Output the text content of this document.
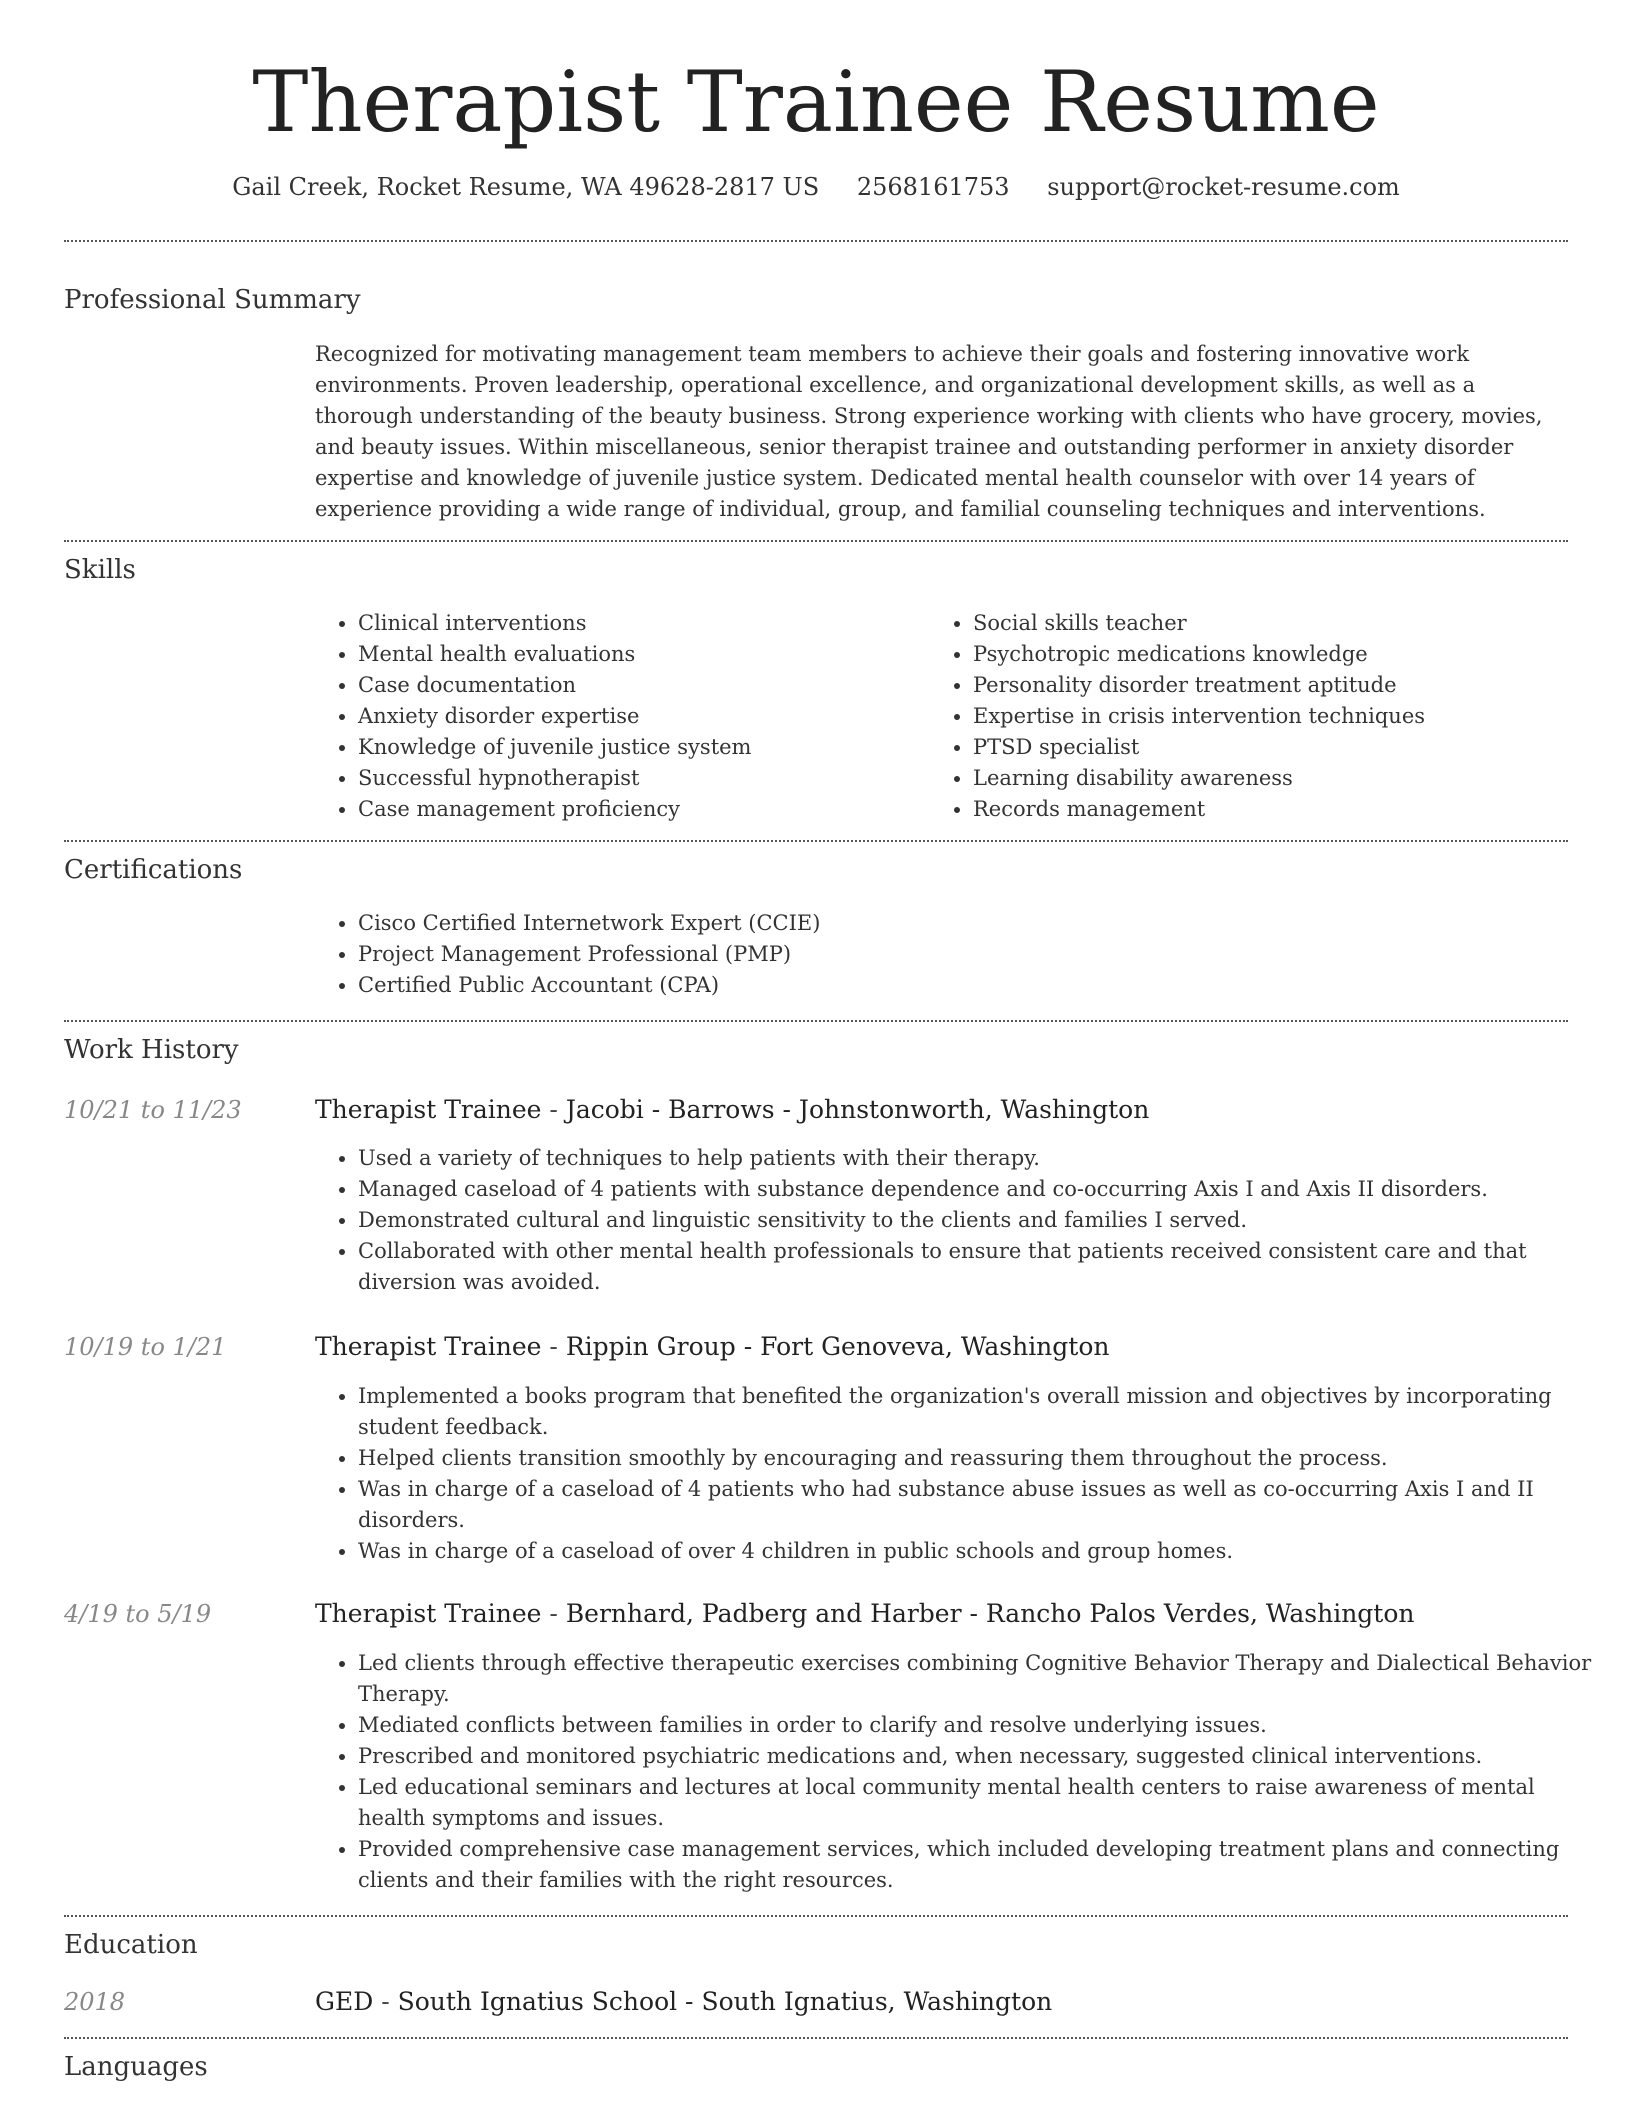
Therapist Trainee Resume
Gail Creek, Rocket Resume, WA 49628-2817 US 2568161753 support@rocket-resume.com
Professional Summary

Recognized for motivating management team members to achieve their goals and fostering innovative work environments. Proven leadership, operational excellence, and organizational development skills, as well as a thorough understanding of the beauty business. Strong experience working with clients who have grocery, movies, and beauty issues. Within miscellaneous, senior therapist trainee and outstanding performer in anxiety disorder expertise and knowledge of juvenile justice system. Dedicated mental health counselor with over 14 years of experience providing a wide range of individual, group, and familial counseling techniques and interventions.

Skills
• Clinical interventions
• Mental health evaluations
• Case documentation
• Anxiety disorder expertise
• Knowledge of juvenile justice system
• Successful hypnotherapist
• Case management proficiency
• Social skills teacher
• Psychotropic medications knowledge
• Personality disorder treatment aptitude
• Expertise in crisis intervention techniques
• PTSD specialist
• Learning disability awareness
• Records management
Certifications
• Cisco Certified Internetwork Expert (CCIE)
• Project Management Professional (PMP)
• Certified Public Accountant (CPA)
Work History
10/21 to 11/23	Therapist Trainee - Jacobi - Barrows - Johnstonworth, Washington
• Used a variety of techniques to help patients with their therapy.
• Managed caseload of 4 patients with substance dependence and co-occurring Axis I and Axis II disorders.
• Demonstrated cultural and linguistic sensitivity to the clients and families I served.
• Collaborated with other mental health professionals to ensure that patients received consistent care and that diversion was avoided.
10/19 to 1/21	Therapist Trainee - Rippin Group - Fort Genoveva, Washington
• Implemented a books program that benefited the organization's overall mission and objectives by incorporating student feedback.
• Helped clients transition smoothly by encouraging and reassuring them throughout the process.
• Was in charge of a caseload of 4 patients who had substance abuse issues as well as co-occurring Axis I and II disorders.
• Was in charge of a caseload of over 4 children in public schools and group homes.
4/19 to 5/19	Therapist Trainee - Bernhard, Padberg and Harber - Rancho Palos Verdes, Washington
• Led clients through effective therapeutic exercises combining Cognitive Behavior Therapy and Dialectical Behavior Therapy.
• Mediated conflicts between families in order to clarify and resolve underlying issues.
• Prescribed and monitored psychiatric medications and, when necessary, suggested clinical interventions.
• Led educational seminars and lectures at local community mental health centers to raise awareness of mental health symptoms and issues.
• Provided comprehensive case management services, which included developing treatment plans and connecting clients and their families with the right resources.
Education
2018	GED - South Ignatius School - South Ignatius, Washington
Languages
